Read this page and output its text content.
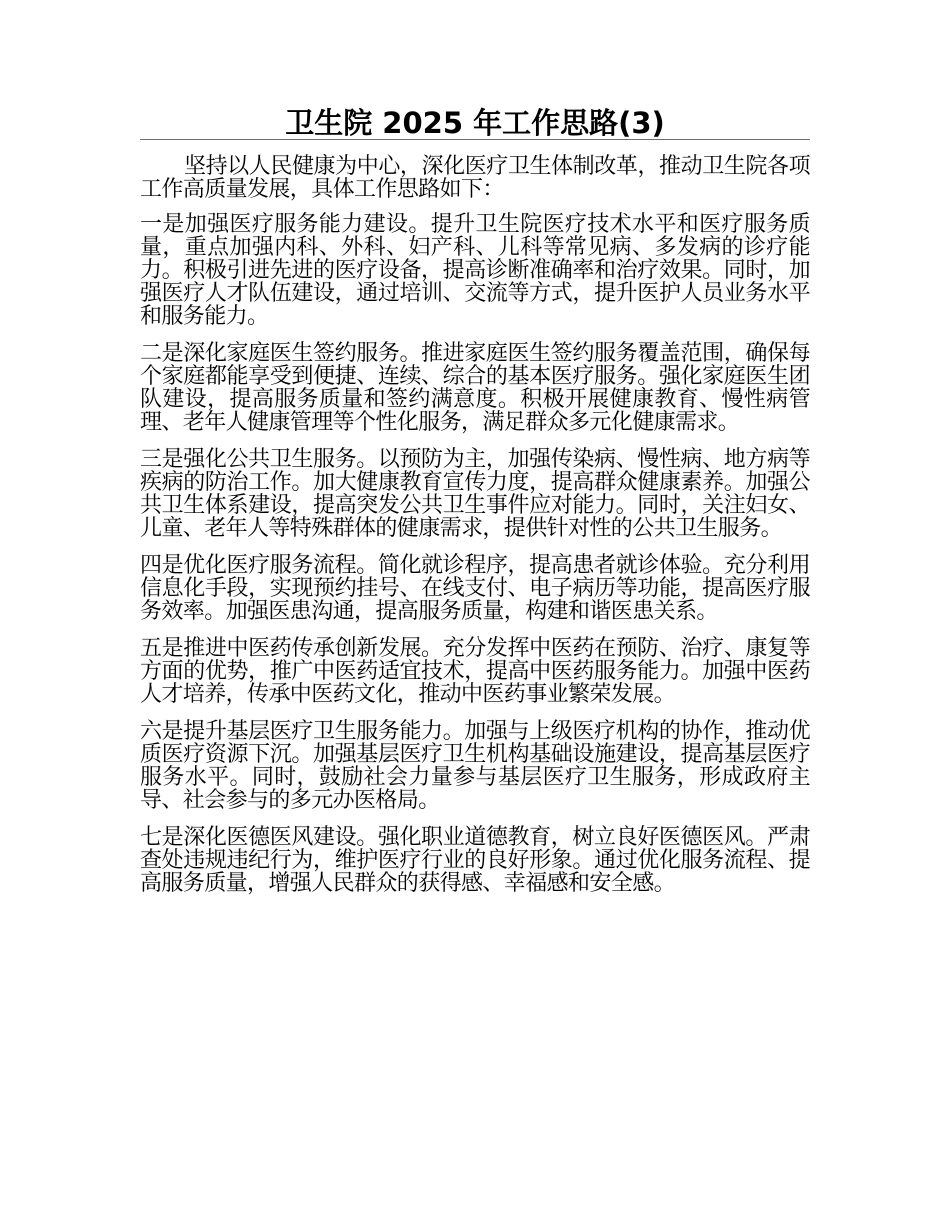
卫生院 2025 年工作思路(3)

坚持以人民健康为中心，深化医疗卫生体制改革，推动卫生院各项工作高质量发展，具体工作思路如下：

一是加强医疗服务能力建设。提升卫生院医疗技术水平和医疗服务质量，重点加强内科、外科、妇产科、儿科等常见病、多发病的诊疗能力。积极引进先进的医疗设备，提高诊断准确率和治疗效果。同时，加强医疗人才队伍建设，通过培训、交流等方式，提升医护人员业务水平和服务能力。

二是深化家庭医生签约服务。推进家庭医生签约服务覆盖范围，确保每个家庭都能享受到便捷、连续、综合的基本医疗服务。强化家庭医生团队建设，提高服务质量和签约满意度。积极开展健康教育、慢性病管理、老年人健康管理等个性化服务，满足群众多元化健康需求。

三是强化公共卫生服务。以预防为主，加强传染病、慢性病、地方病等疾病的防治工作。加大健康教育宣传力度，提高群众健康素养。加强公共卫生体系建设，提高突发公共卫生事件应对能力。同时，关注妇女、儿童、老年人等特殊群体的健康需求，提供针对性的公共卫生服务。

四是优化医疗服务流程。简化就诊程序，提高患者就诊体验。充分利用信息化手段，实现预约挂号、在线支付、电子病历等功能，提高医疗服务效率。加强医患沟通，提高服务质量，构建和谐医患关系。

五是推进中医药传承创新发展。充分发挥中医药在预防、治疗、康复等方面的优势，推广中医药适宜技术，提高中医药服务能力。加强中医药人才培养，传承中医药文化，推动中医药事业繁荣发展。

六是提升基层医疗卫生服务能力。加强与上级医疗机构的协作，推动优质医疗资源下沉。加强基层医疗卫生机构基础设施建设，提高基层医疗服务水平。同时，鼓励社会力量参与基层医疗卫生服务，形成政府主导、社会参与的多元办医格局。

七是深化医德医风建设。强化职业道德教育，树立良好医德医风。严肃查处违规违纪行为，维护医疗行业的良好形象。通过优化服务流程、提高服务质量，增强人民群众的获得感、幸福感和安全感。
